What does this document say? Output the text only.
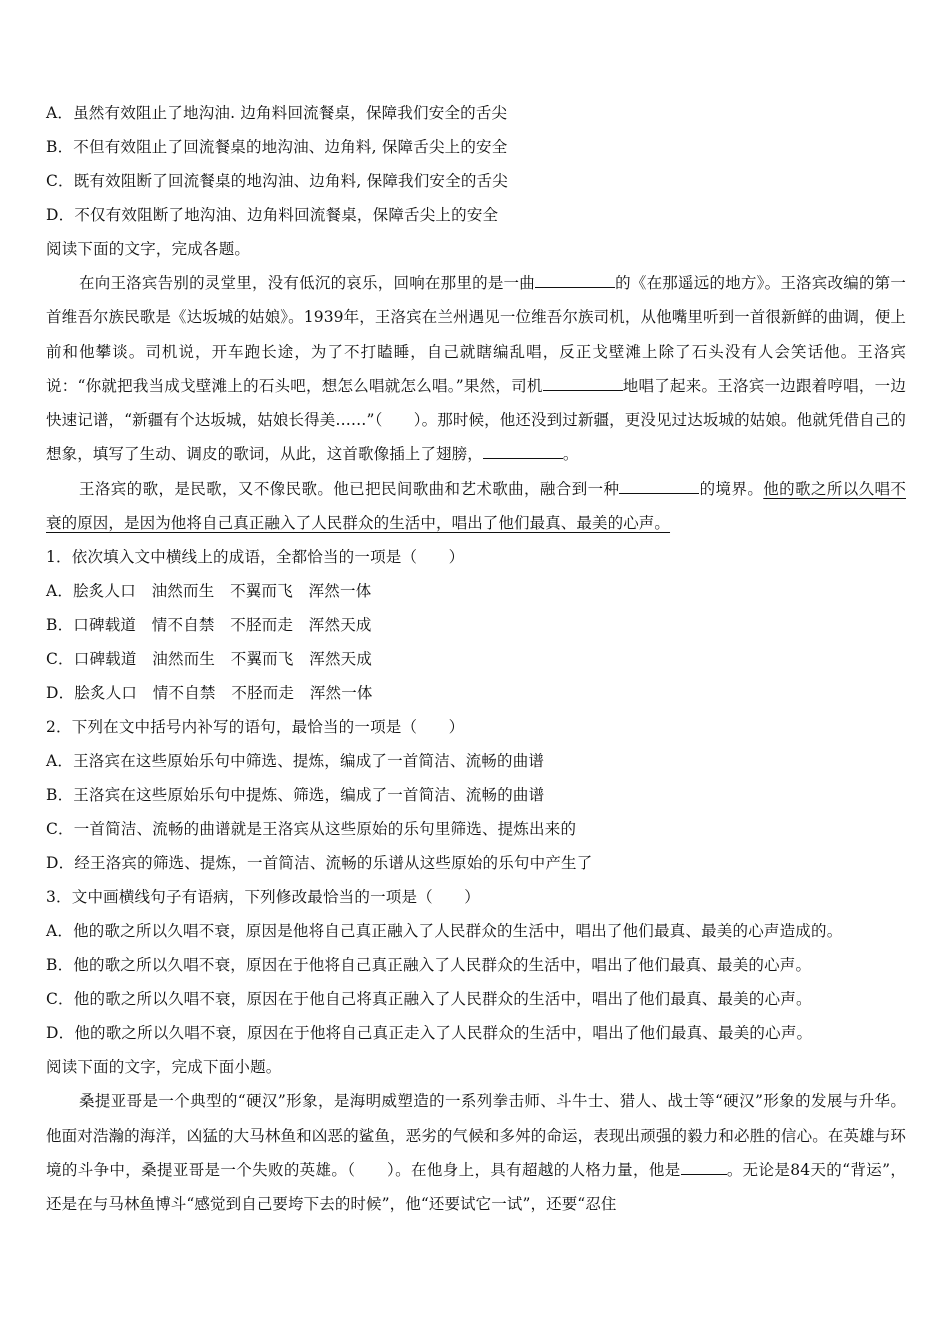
A．虽然有效阻止了地沟油. 边角料回流餐桌，保障我们安全的舌尖
B．不但有效阻止了回流餐桌的地沟油、边角料, 保障舌尖上的安全
C．既有效阻断了回流餐桌的地沟油、边角料, 保障我们安全的舌尖
D．不仅有效阻断了地沟油、边角料回流餐桌，保障舌尖上的安全
阅读下面的文字，完成各题。
在向王洛宾告别的灵堂里，没有低沉的哀乐，回响在那里的是一曲	的《在那遥远的地方》。王洛宾改编的第一首维吾尔族民歌是《达坂城的姑娘》。1939年，王洛宾在兰州遇见一位维吾尔族司机，从他嘴里听到一首很新鲜的曲调，便上前和他攀谈。司机说，开车跑长途，为了不打瞌睡，自己就瞎编乱唱，反正戈壁滩上除了石头没有人会笑话他。王洛宾说：“你就把我当成戈壁滩上的石头吧，想怎么唱就怎么唱。”果然，司机	地唱了起来。王洛宾一边跟着哼唱，一边快速记谱，“新疆有个达坂城，姑娘长得美……”（　　）。那时候，他还没到过新疆，更没见过达坂城的姑娘。他就凭借自己的想象，填写了生动、调皮的歌词，从此，这首歌像插上了翅膀，	。
王洛宾的歌，是民歌，又不像民歌。他已把民间歌曲和艺术歌曲，融合到一种	的境界。他的歌之所以久唱不衰的原因，是因为他将自己真正融入了人民群众的生活中，唱出了他们最真、最美的心声。
1．依次填入文中横线上的成语，全都恰当的一项是（　　）
A．脍炙人口　油然而生　不翼而飞　浑然一体
B．口碑载道　情不自禁　不胫而走　浑然天成
C．口碑载道　油然而生　不翼而飞　浑然天成
D．脍炙人口　情不自禁　不胫而走　浑然一体
2．下列在文中括号内补写的语句，最恰当的一项是（　　）
A．王洛宾在这些原始乐句中筛选、提炼，编成了一首简洁、流畅的曲谱
B．王洛宾在这些原始乐句中提炼、筛选，编成了一首简洁、流畅的曲谱
C．一首简洁、流畅的曲谱就是王洛宾从这些原始的乐句里筛选、提炼出来的
D．经王洛宾的筛选、提炼，一首简洁、流畅的乐谱从这些原始的乐句中产生了
3．文中画横线句子有语病，下列修改最恰当的一项是（　　）
A．他的歌之所以久唱不衰，原因是他将自己真正融入了人民群众的生活中，唱出了他们最真、最美的心声造成的。
B．他的歌之所以久唱不衰，原因在于他将自己真正融入了人民群众的生活中，唱出了他们最真、最美的心声。
C．他的歌之所以久唱不衰，原因在于他自己将真正融入了人民群众的生活中，唱出了他们最真、最美的心声。
D．他的歌之所以久唱不衰，原因在于他将自己真正走入了人民群众的生活中，唱出了他们最真、最美的心声。
阅读下面的文字，完成下面小题。
桑提亚哥是一个典型的“硬汉”形象，是海明威塑造的一系列拳击师、斗牛士、猎人、战士等“硬汉”形象的发展与升华。他面对浩瀚的海洋，凶猛的大马林鱼和凶恶的鲨鱼，恶劣的气候和多舛的命运，表现出顽强的毅力和必胜的信心。在英雄与环境的斗争中，桑提亚哥是一个失败的英雄。（　　）。在他身上，具有超越的人格力量，他是	。无论是84天的“背运”，还是在与马林鱼博斗“感觉到自己要垮下去的时候”，他“还要试它一试”，还要“忍住
